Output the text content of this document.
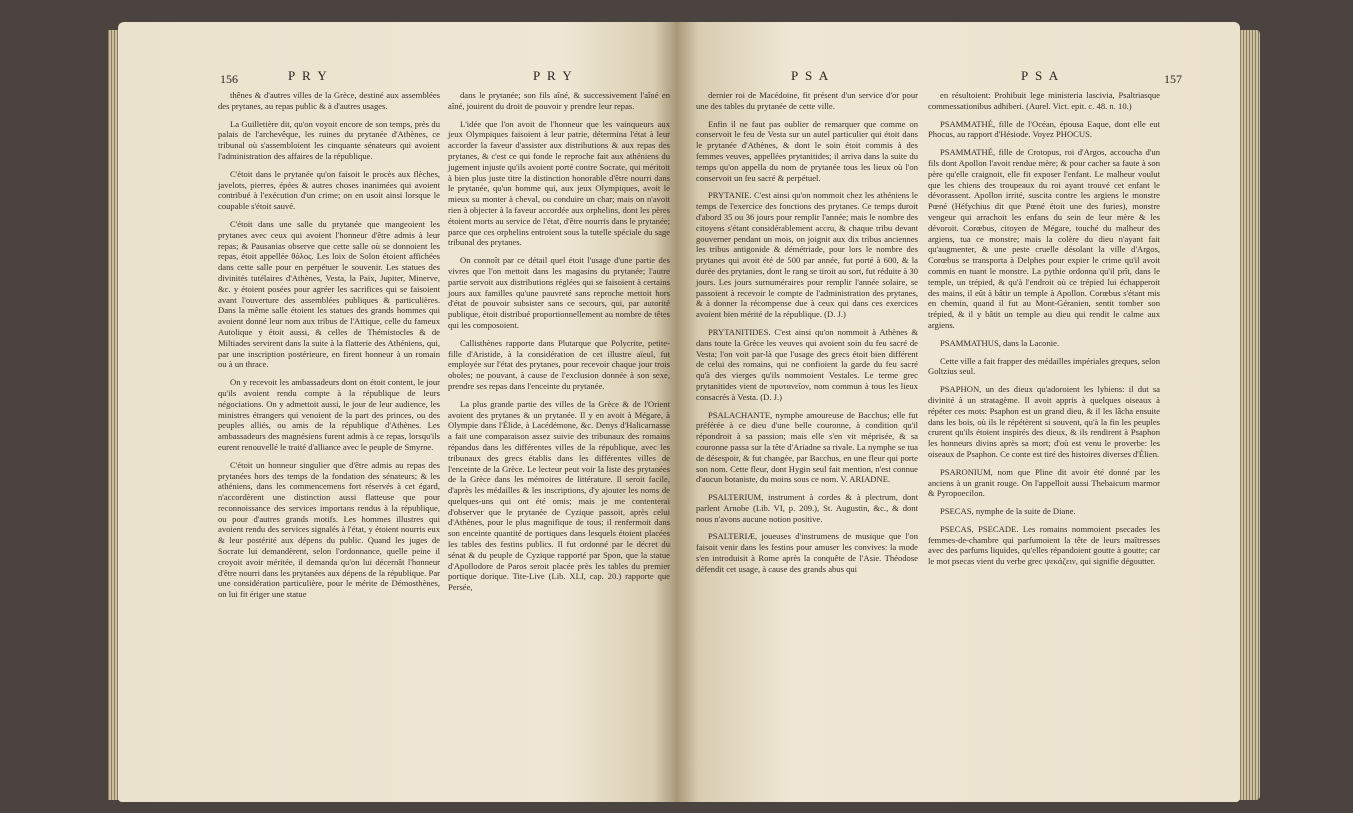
156	P R Y	P R Y

thênes & d'autres villes de la Grèce, destiné aux assemblées des prytanes, au repas public & à d'autres usages.

La Guilletière dit, qu'on voyoit encore de son temps, près du palais de l'archevêque, les ruines du prytanée d'Athènes, ce tribunal où s'assembloient les cinquante sénateurs qui avoient l'administration des affaires de la république.

C'étoit dans le prytanée qu'on faisoit le procès aux flèches, javelots, pierres, épées & autres choses inanimées qui avoient contribué à l'exécution d'un crime; on en usoit ainsi lorsque le coupable s'étoit sauvé.

C'étoit dans une salle du prytanée que mangeoient les prytanes avec ceux qui avoient l'honneur d'être admis à leur repas; & Pausanias observe que cette salle où se donnoient les repas, étoit appellée θόλος. Les loix de Solon étoient affichées dans cette salle pour en perpétuer le souvenir. Les statues des divinités tutélaires d'Athènes, Vesta, la Paix, Jupiter, Minerve, &c. y étoient posées pour agréer les sacrifices qui se faisoient avant l'ouverture des assemblées publiques & particulières. Dans la même salle étoient les statues des grands hommes qui avoient donné leur nom aux tribus de l'Attique, celle du fameux Autolique y étoit aussi, & celles de Thémistocles & de Miltiades servirent dans la suite à la flatterie des Athéniens, qui, par une inscription postérieure, en firent honneur à un romain ou à un thrace.

On y recevoit les ambassadeurs dont on étoit content, le jour qu'ils avoient rendu compte à la république de leurs négociations. On y admettoit aussi, le jour de leur audience, les ministres étrangers qui venoient de la part des princes, ou des peuples alliés, ou amis de la république d'Athènes. Les ambassadeurs des magnésiens furent admis à ce repas, lorsqu'ils eurent renouvellé le traité d'alliance avec le peuple de Smyrne.

C'étoit un honneur singulier que d'être admis au repas des prytanées hors des temps de la fondation des sénateurs; & les athéniens, dans les commencemens fort réservés à cet égard, n'accordèrent une distinction aussi flatteuse que pour reconnoissance des services importans rendus à la république, ou pour d'autres grands motifs. Les hommes illustres qui avoient rendu des services signalés à l'état, y étoient nourris eux & leur postérité aux dépens du public. Quand les juges de Socrate lui demandèrent, selon l'ordonnance, quelle peine il croyoit avoir méritée, il demanda qu'on lui décernât l'honneur d'être nourri dans les prytanées aux dépens de la république. Par une considération particulière, pour le mérite de Démosthènes, on lui fit ériger une statue

dans le prytanée; son fils aîné, & successivement l'aîné en aîné, jouirent du droit de pouvoir y prendre leur repas.

L'idée que l'on avoit de l'honneur que les vainqueurs aux jeux Olympiques faisoient à leur patrie, détermina l'état à leur accorder la faveur d'assister aux distributions & aux repas des prytanes, & c'est ce qui fonde le reproche fait aux athéniens du jugement injuste qu'ils avoient porté contre Socrate, qui méritoit à bien plus juste titre la distinction honorable d'être nourri dans le prytanée, qu'un homme qui, aux jeux Olympiques, avoit le mieux su monter à cheval, ou conduire un char; mais on n'avoit rien à objecter à la faveur accordée aux orphelins, dont les pères étoient morts au service de l'état, d'être nourris dans le prytanée; parce que ces orphelins entroient sous la tutelle spéciale du sage tribunal des prytanes.

On connoît par ce détail quel étoit l'usage d'une partie des vivres que l'on mettoit dans les magasins du prytanée; l'autre partie servoit aux distributions réglées qui se faisoient à certains jours aux familles qu'une pauvreté sans reproche mettoit hors d'état de pouvoir subsister sans ce secours, qui, par autorité publique, étoit distribué proportionnellement au nombre de têtes qui les composoient.

Callisthènes rapporte dans Plutarque que Polycrite, petite-fille d'Aristide, à la considération de cet illustre aïeul, fut employée sur l'état des prytanes, pour recevoir chaque jour trois oboles; ne pouvant, à cause de l'exclusion donnée à son sexe, prendre ses repas dans l'enceinte du prytanée.

La plus grande partie des villes de la Grèce & de l'Orient avoient des prytanes & un prytanée. Il y en avoit à Mégare, à Olympie dans l'Élide, à Lacédémone, &c. Denys d'Halicarnasse a fait une comparaison assez suivie des tribunaux des romains répandus dans les différentes villes de la république, avec les tribunaux des grecs établis dans les différentes villes de l'enceinte de la Grèce. Le lecteur peut voir la liste des prytanées de la Grèce dans les mémoires de littérature. Il seroit facile, d'après les médailles & les inscriptions, d'y ajouter les noms de quelques-uns qui ont été omis; mais je me contenterai d'observer que le prytanée de Cyzique passoit, après celui d'Athènes, pour le plus magnifique de tous; il renfermoit dans son enceinte quantité de portiques dans lesquels étoient placées les tables des festins publics. Il fut ordonné par le décret du sénat & du peuple de Cyzique rapporté par Spon, que la statue d'Apollodore de Paros seroit placée près les tables du premier portique dorique. Tite-Live (Lib. XLI, cap. 20.) rapporte que Persée,

P S A	P S A	157

dernier roi de Macédoine, fit présent d'un service d'or pour une des tables du prytanée de cette ville.

Enfin il ne faut pas oublier de remarquer que comme on conservoit le feu de Vesta sur un autel particulier qui étoit dans le prytanée d'Athènes, & dont le soin étoit commis à des femmes veuves, appellées prytanitides; il arriva dans la suite du temps qu'on appella du nom de prytanée tous les lieux où l'on conservoit un feu sacré & perpétuel.

PRYTANIE. C'est ainsi qu'on nommoit chez les athéniens le temps de l'exercice des fonctions des prytanes. Ce temps duroit d'abord 35 ou 36 jours pour remplir l'année; mais le nombre des citoyens s'étant considérablement accru, & chaque tribu devant gouverner pendant un mois, on joignit aux dix tribus anciennes les tribus antigonide & démétriade, pour lors le nombre des prytanes qui avoit été de 500 par année, fut porté à 600, & la durée des prytanies, dont le rang se tiroit au sort, fut réduite à 30 jours. Les jours surnuméraires pour remplir l'année solaire, se passoient à recevoir le compte de l'administration des prytanes, & à donner la récompense due à ceux qui dans ces exercices avoient bien mérité de la république. (D. J.)

PRYTANITIDES. C'est ainsi qu'on nommoit à Athènes & dans toute la Grèce les veuves qui avoient soin du feu sacré de Vesta; l'on voit par-là que l'usage des grecs étoit bien différent de celui des romains, qui ne confioient la garde du feu sacré qu'à des vierges qu'ils nommoient Vestales. Le terme grec prytanitides vient de πρυτανεῖον, nom commun à tous les lieux consacrés à Vesta. (D. J.)

PSALACHANTE, nymphe amoureuse de Bacchus; elle fut préférée à ce dieu d'une belle couronne, à condition qu'il répondroit à sa passion; mais elle s'en vit méprisée, & sa couronne passa sur la tête d'Ariadne sa rivale. La nymphe se tua de désespoir, & fut changée, par Bacchus, en une fleur qui porte son nom. Cette fleur, dont Hygin seul fait mention, n'est connue d'aucun botaniste, du moins sous ce nom. V. ARIADNE.

PSALTERIUM, instrument à cordes & à plectrum, dont parlent Arnobe (Lib. VI, p. 209.), St. Augustin, &c., & dont nous n'avons aucune notion positive.

PSALTERIÆ, joueuses d'instrumens de musique que l'on faisoit venir dans les festins pour amuser les convives: la mode s'en introduisit à Rome après la conquête de l'Asie. Théodose défendit cet usage, à cause des grands abus qui

en résultoient: Prohibuit lege ministeria lascivia, Psaltriasque commessationibus adhiberi. (Aurel. Vict. epit. c. 48. n. 10.)

PSAMMATHÉ, fille de l'Océan, épousa Eaque, dont elle eut Phocus, au rapport d'Hésiode. Voyez PHOCUS.

PSAMMATHÉ, fille de Crotopus, roi d'Argos, accoucha d'un fils dont Apollon l'avoit rendue mère; & pour cacher sa faute à son père qu'elle craignoit, elle fit exposer l'enfant. Le malheur voulut que les chiens des troupeaux du roi ayant trouvé cet enfant le dévorassent. Apollon irrité, suscita contre les argiens le monstre Pœné (Héfychius dit que Pœné étoit une des furies), monstre vengeur qui arrachoit les enfans du sein de leur mère & les dévoroit. Corœbus, citoyen de Mégare, touché du malheur des argiens, tua ce monstre; mais la colère du dieu n'ayant fait qu'augmenter, & une peste cruelle désolant la ville d'Argos, Corœbus se transporta à Delphes pour expier le crime qu'il avoit commis en tuant le monstre. La pythie ordonna qu'il prît, dans le temple, un trépied, & qu'à l'endroit où ce trépied lui échapperoit des mains, il eût à bâtir un temple à Apollon. Corœbus s'étant mis en chemin, quand il fut au Mont-Géranien, sentit tomber son trépied, & il y bâtit un temple au dieu qui rendit le calme aux argiens.

PSAMMATHUS, dans la Laconie.

Cette ville a fait frapper des médailles impériales greques, selon Goltzius seul.

PSAPHON, un des dieux qu'adoroient les lybiens: il dut sa divinité à un stratagème. Il avoit appris à quelques oiseaux à répéter ces mots: Psaphon est un grand dieu, & il les lâcha ensuite dans les bois, où ils le répétèrent si souvent, qu'à la fin les peuples crurent qu'ils étoient inspirés des dieux, & ils rendirent à Psaphon les honneurs divins après sa mort; d'où est venu le proverbe: les oiseaux de Psaphon. Ce conte est tiré des histoires diverses d'Élien.

PSARONIUM, nom que Pline dit avoir été donné par les anciens à un granit rouge. On l'appelloit aussi Thebaicum marmor & Pyropoecilon.

PSECAS, nymphe de la suite de Diane.

PSECAS, PSECADE. Les romains nommoient psecades les femmes-de-chambre qui parfumoient la tête de leurs maîtresses avec des parfums liquides, qu'elles répandoient goutte à goutte; car le mot psecas vient du verbe grec ψεκάζειν, qui signifie dégoutter.
